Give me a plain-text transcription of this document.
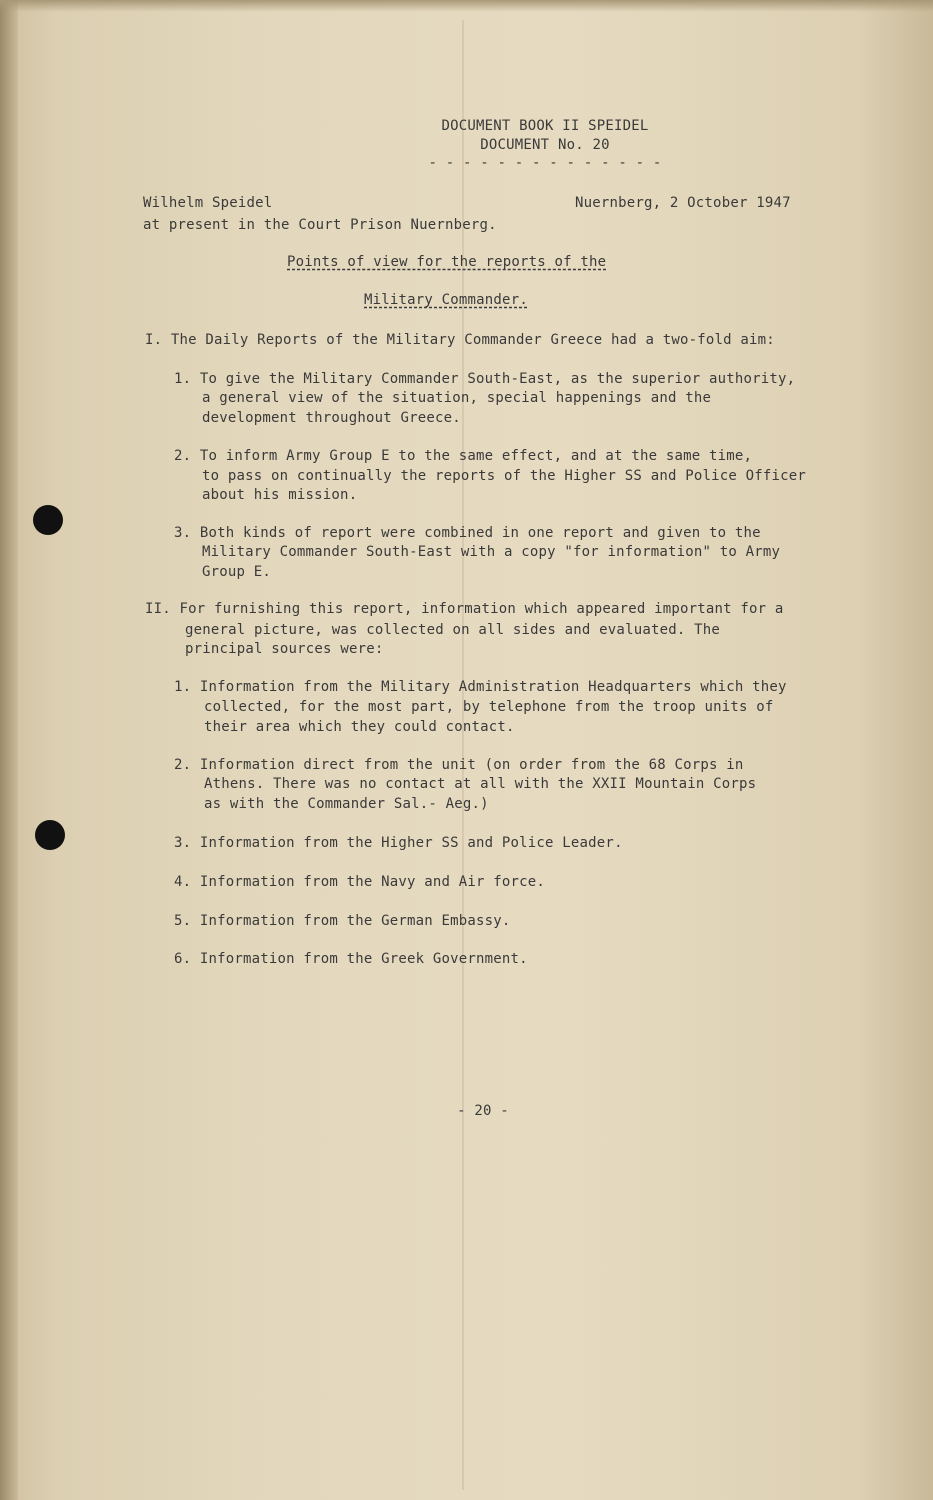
DOCUMENT BOOK II SPEIDEL
DOCUMENT No. 20
- - - - - - - - - - - - - -
Wilhelm Speidel	Nuernberg, 2 October 1947
at present in the Court Prison Nuernberg.
Points of view for the reports of the
Military Commander.
I. The Daily Reports of the Military Commander Greece had a two-fold aim:
1. To give the Military Commander South-East, as the superior authority,
a general view of the situation, special happenings and the
development throughout Greece.
2. To inform Army Group E to the same effect, and at the same time,
to pass on continually the reports of the Higher SS and Police Officer
about his mission.
3. Both kinds of report were combined in one report and given to the
Military Commander South-East with a copy "for information" to Army
Group E.
II. For furnishing this report, information which appeared important for a
general picture, was collected on all sides and evaluated. The
principal sources were:
1. Information from the Military Administration Headquarters which they
collected, for the most part, by telephone from the troop units of
their area which they could contact.
2. Information direct from the unit (on order from the 68 Corps in
Athens. There was no contact at all with the XXII Mountain Corps
as with the Commander Sal.- Aeg.)
3. Information from the Higher SS and Police Leader.
4. Information from the Navy and Air force.
5. Information from the German Embassy.
6. Information from the Greek Government.
- 20 -
